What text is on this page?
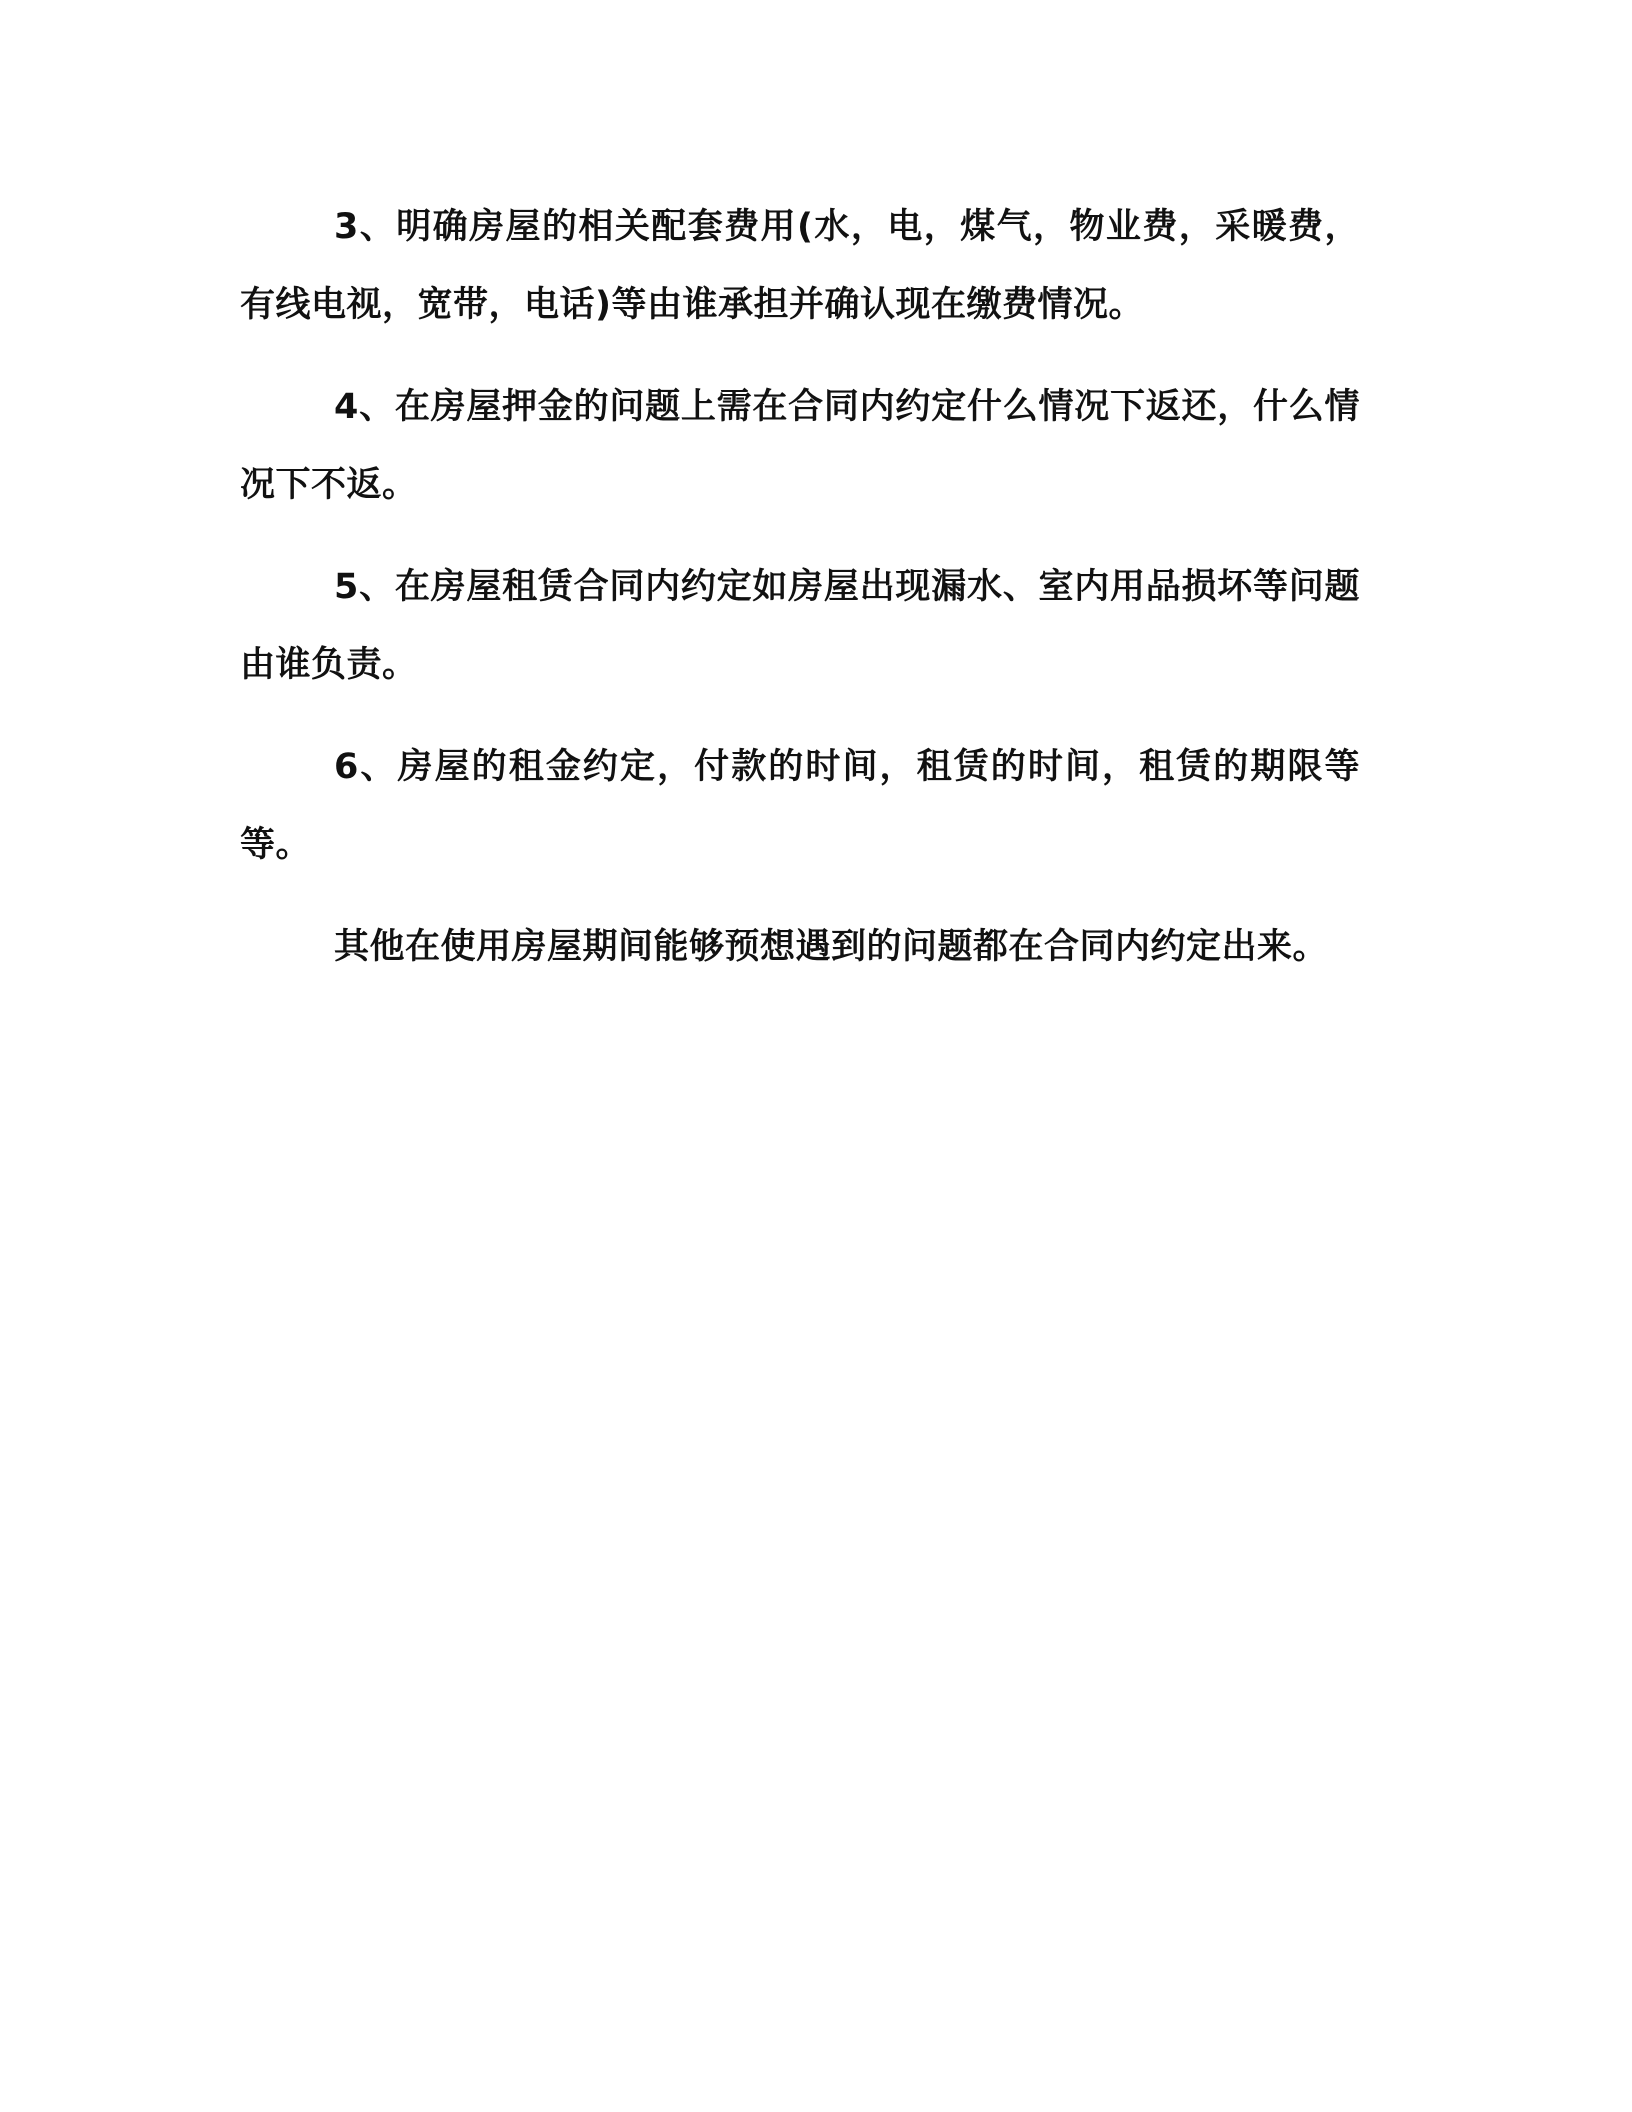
3、明确房屋的相关配套费用(水，电，煤气，物业费，采暖费，有线电视，宽带，电话)等由谁承担并确认现在缴费情况。

4、在房屋押金的问题上需在合同内约定什么情况下返还，什么情况下不返。

5、在房屋租赁合同内约定如房屋出现漏水、室内用品损坏等问题由谁负责。

6、房屋的租金约定，付款的时间，租赁的时间，租赁的期限等等。

其他在使用房屋期间能够预想遇到的问题都在合同内约定出来。
